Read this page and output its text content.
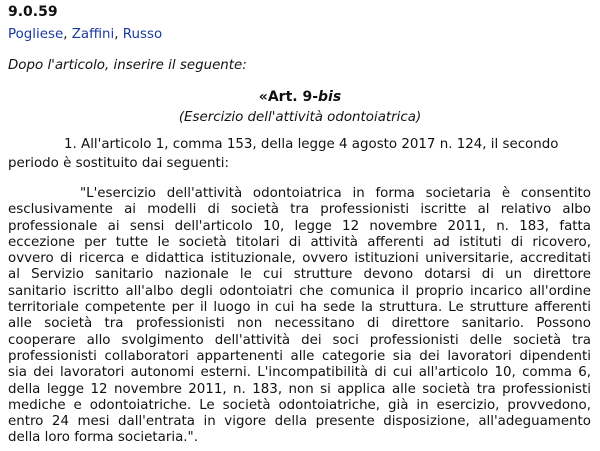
9.0.59
Pogliese, Zaffini, Russo
Dopo l'articolo, inserire il seguente:
«Art. 9-bis
(Esercizio dell'attività odontoiatrica)
1. All'articolo 1, comma 153, della legge 4 agosto 2017 n. 124, il secondo
periodo è sostituito dai seguenti:
"L'esercizio dell'attività odontoiatrica in forma societaria è consentito
esclusivamente ai modelli di società tra professionisti iscritte al relativo albo
professionale ai sensi dell'articolo 10, legge 12 novembre 2011, n. 183, fatta
eccezione per tutte le società titolari di attività afferenti ad istituti di ricovero,
ovvero di ricerca e didattica istituzionale, ovvero istituzioni universitarie, accreditati
al Servizio sanitario nazionale le cui strutture devono dotarsi di un direttore
sanitario iscritto all'albo degli odontoiatri che comunica il proprio incarico all'ordine
territoriale competente per il luogo in cui ha sede la struttura. Le strutture afferenti
alle società tra professionisti non necessitano di direttore sanitario. Possono
cooperare allo svolgimento dell'attività dei soci professionisti delle società tra
professionisti collaboratori appartenenti alle categorie sia dei lavoratori dipendenti
sia dei lavoratori autonomi esterni. L'incompatibilità di cui all'articolo 10, comma 6,
della legge 12 novembre 2011, n. 183, non si applica alle società tra professionisti
mediche e odontoiatriche. Le società odontoiatriche, già in esercizio, provvedono,
entro 24 mesi dall'entrata in vigore della presente disposizione, all'adeguamento
della loro forma societaria.".
